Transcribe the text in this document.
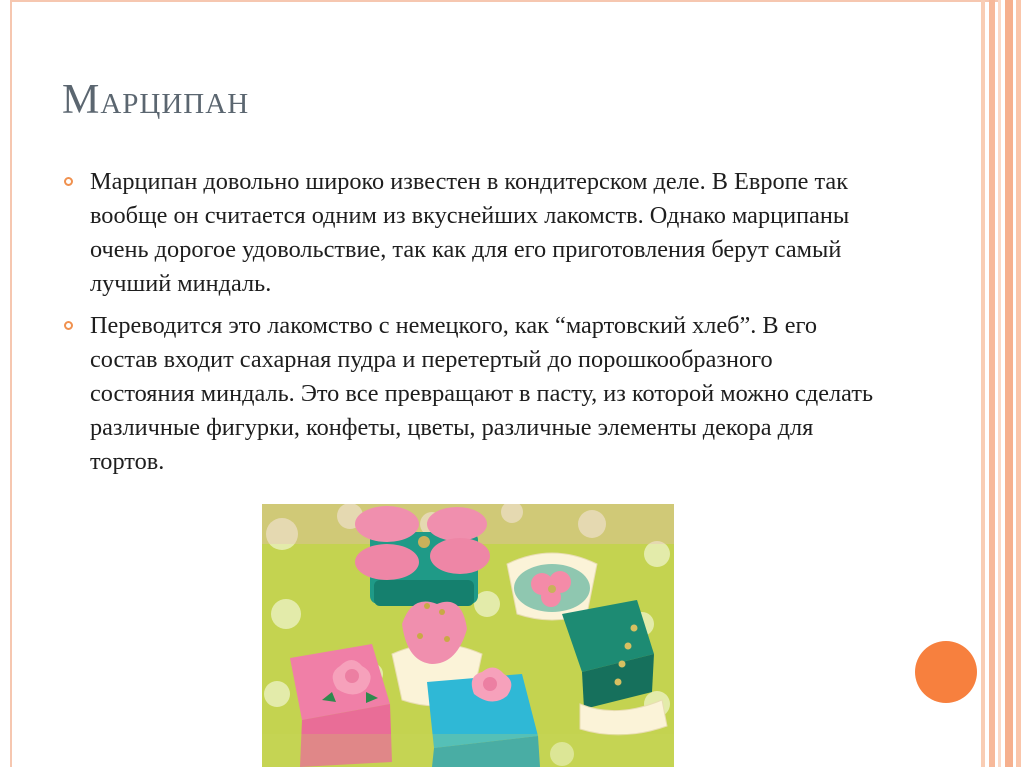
Марципан
Марципан довольно широко известен в кондитерском деле. В Европе так вообще он считается одним из вкуснейших лакомств. Однако марципаны очень дорогое удовольствие, так как для его приготовления берут самый лучший миндаль.
Переводится это лакомство с немецкого, как “мартовский хлеб”. В его состав входит сахарная пудра и перетертый до порошкообразного состояния миндаль. Это все превращают в пасту, из которой можно сделать различные фигурки, конфеты, цветы, различные элементы декора для тортов.
